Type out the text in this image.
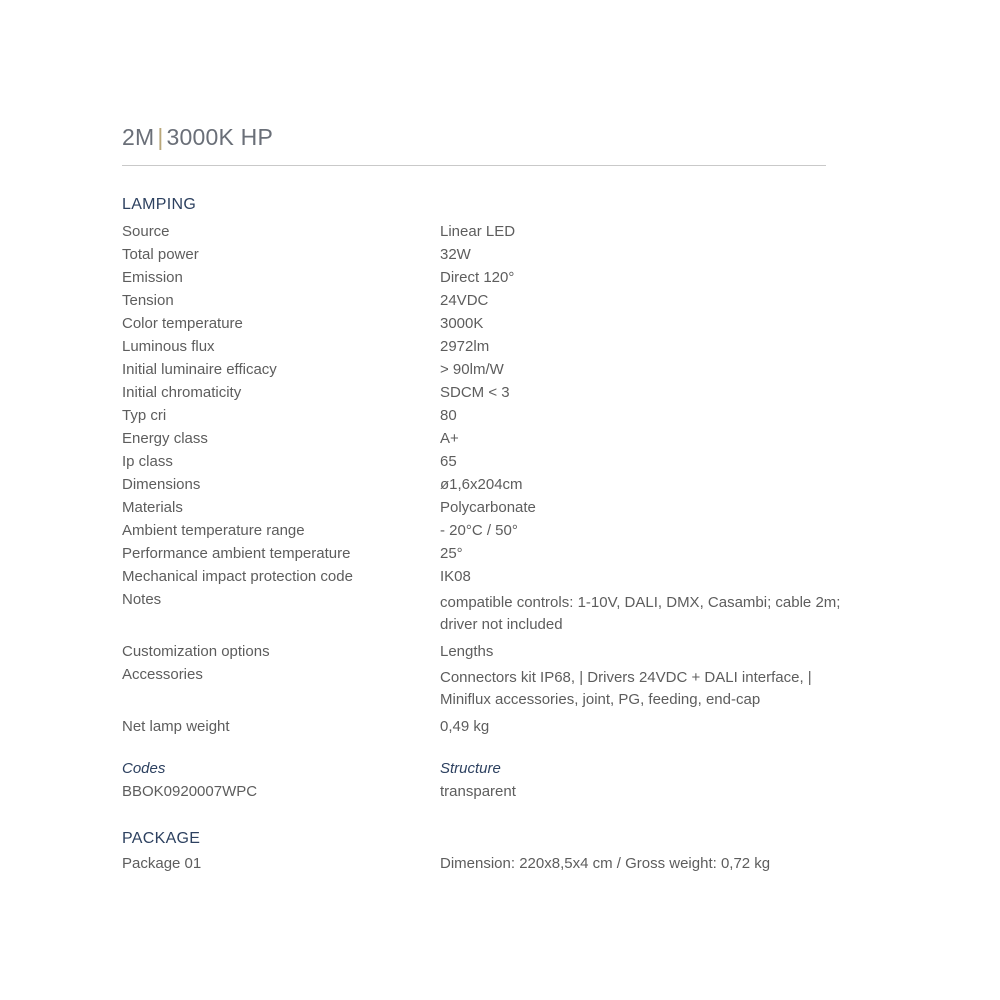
2M | 3000K HP
LAMPING
Source	Linear LED
Total power	32W
Emission	Direct 120°
Tension	24VDC
Color temperature	3000K
Luminous flux	2972lm
Initial luminaire efficacy	> 90lm/W
Initial chromaticity	SDCM < 3
Typ cri	80
Energy class	A+
Ip class	65
Dimensions	ø1,6x204cm
Materials	Polycarbonate
Ambient temperature range	- 20°C / 50°
Performance ambient temperature	25°
Mechanical impact protection code	IK08
Notes	compatible controls: 1-10V, DALI, DMX, Casambi; cable 2m; driver not included
Customization options	Lengths
Accessories	Connectors kit IP68, | Drivers 24VDC + DALI interface, | Miniflux accessories, joint, PG, feeding, end-cap
Net lamp weight	0,49 kg
Codes	Structure
BBOK0920007WPC	transparent
PACKAGE
Package 01	Dimension: 220x8,5x4 cm / Gross weight: 0,72 kg
